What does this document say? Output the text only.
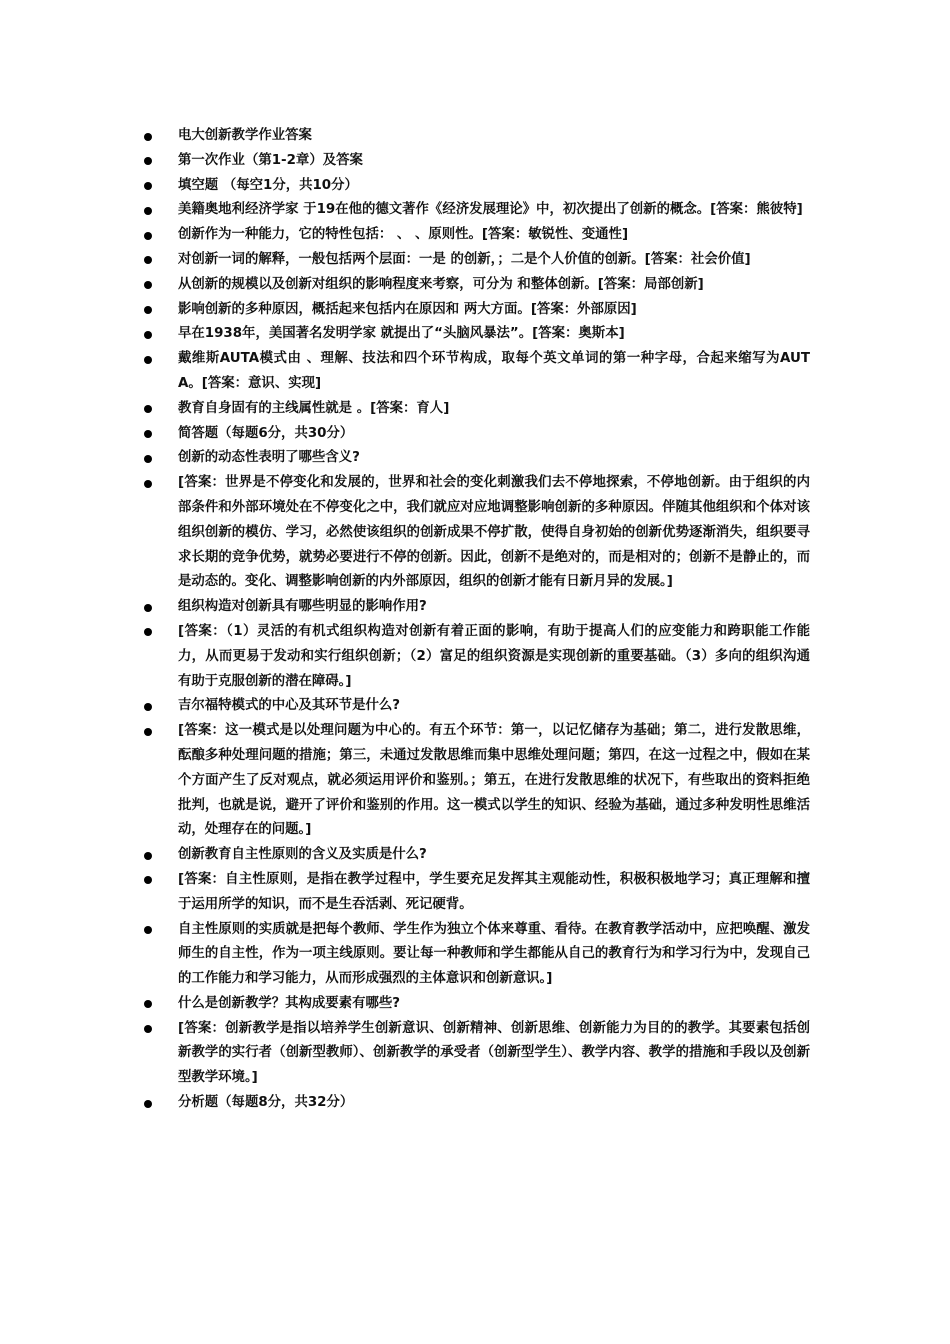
电大创新教学作业答案
第一次作业（第1-2章）及答案
填空题 （每空1分，共10分）
美籍奥地利经济学家 于19在他的德文著作《经济发展理论》中，初次提出了创新的概念。[答案：熊彼特]
创新作为一种能力，它的特性包括： 、 、原则性。[答案：敏锐性、变通性]
对创新一词的解释，一般包括两个层面：一是 的创新，；二是个人价值的创新。[答案：社会价值]
从创新的规模以及创新对组织的影响程度来考察，可分为 和整体创新。[答案：局部创新]
影响创新的多种原因，概括起来包括内在原因和 两大方面。[答案：外部原因]
早在1938年，美国著名发明学家 就提出了“头脑风暴法”。[答案：奥斯本]
戴维斯AUTA模式由 、理解、技法和四个环节构成，取每个英文单词的第一种字母，合起来缩写为AUTA。[答案：意识、实现]
教育自身固有的主线属性就是 。[答案：育人]
简答题（每题6分，共30分）
创新的动态性表明了哪些含义?
[答案：世界是不停变化和发展的，世界和社会的变化刺激我们去不停地探索，不停地创新。由于组织的内部条件和外部环境处在不停变化之中，我们就应对应地调整影响创新的多种原因。伴随其他组织和个体对该组织创新的模仿、学习，必然使该组织的创新成果不停扩散，使得自身初始的创新优势逐渐消失，组织要寻求长期的竞争优势，就势必要进行不停的创新。因此，创新不是绝对的，而是相对的；创新不是静止的，而是动态的。变化、调整影响创新的内外部原因，组织的创新才能有日新月异的发展。]
组织构造对创新具有哪些明显的影响作用?
[答案：（1）灵活的有机式组织构造对创新有着正面的影响，有助于提高人们的应变能力和跨职能工作能力，从而更易于发动和实行组织创新；（2）富足的组织资源是实现创新的重要基础。（3）多向的组织沟通有助于克服创新的潜在障碍。]
吉尔福特模式的中心及其环节是什么?
[答案：这一模式是以处理问题为中心的。有五个环节：第一，以记忆储存为基础；第二，进行发散思维，酝酿多种处理问题的措施；第三，未通过发散思维而集中思维处理问题；第四，在这一过程之中，假如在某个方面产生了反对观点，就必须运用评价和鉴别。；第五，在进行发散思维的状况下，有些取出的资料拒绝批判，也就是说，避开了评价和鉴别的作用。这一模式以学生的知识、经验为基础，通过多种发明性思维活动，处理存在的问题。]
创新教育自主性原则的含义及实质是什么?
[答案：自主性原则，是指在教学过程中，学生要充足发挥其主观能动性，积极积极地学习；真正理解和擅于运用所学的知识，而不是生吞活剥、死记硬背。
自主性原则的实质就是把每个教师、学生作为独立个体来尊重、看待。在教育教学活动中，应把唤醒、激发师生的自主性，作为一项主线原则。要让每一种教师和学生都能从自己的教育行为和学习行为中，发现自己的工作能力和学习能力，从而形成强烈的主体意识和创新意识。]
什么是创新教学？其构成要素有哪些?
[答案：创新教学是指以培养学生创新意识、创新精神、创新思维、创新能力为目的的教学。其要素包括创新教学的实行者（创新型教师）、创新教学的承受者（创新型学生）、教学内容、教学的措施和手段以及创新型教学环境。]
分析题（每题8分，共32分）
